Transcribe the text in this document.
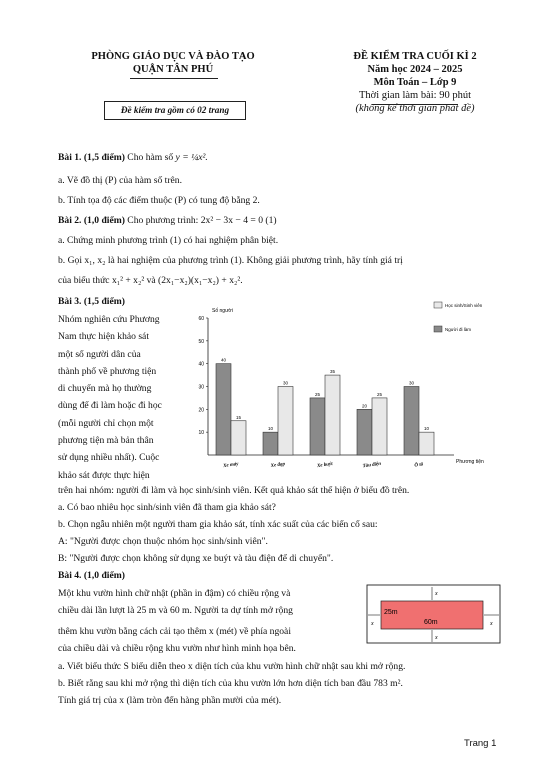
PHÒNG GIÁO DỤC VÀ ĐÀO TẠO
QUẬN TÂN PHÚ
ĐỀ KIỂM TRA CUỐI KÌ 2
Năm học 2024 – 2025
Môn Toán – Lớp 9
Thời gian làm bài: 90 phút
(không kể thời gian phát đề)
Đề kiểm tra gồm có 02 trang
Bài 1. (1,5 điểm) Cho hàm số y = ¼x².
a. Vẽ đồ thị (P) của hàm số trên.
b. Tính tọa độ các điểm thuộc (P) có tung độ bằng 2.
Bài 2. (1,0 điểm) Cho phương trình: 2x² − 3x − 4 = 0 (1)
a. Chứng minh phương trình (1) có hai nghiệm phân biệt.
b. Gọi x₁, x₂ là hai nghiệm của phương trình (1). Không giải phương trình, hãy tính giá trị
của biểu thức x₁² + x₂² và (2x₁−x₂)(x₁−x₂) + x₂².
Bài 3. (1,5 điểm)
Nhóm nghiên cứu Phương
Nam thực hiện khảo sát
một số người dân của
thành phố về phương tiện
di chuyển mà họ thường
dùng để đi làm hoặc đi học
(mỗi người chỉ chọn một
phương tiện mà bản thân
sử dụng nhiều nhất). Cuộc
khảo sát được thực hiện
Số người
Phương tiện
10
20
30
40
50
60
40
15
10
30
25
35
20
25
30
10
Xe máy	Xe đạp	Xe buýt	Tàu điện	Ô tô
Học sinh/Sinh viên
Người đi làm
trên hai nhóm: người đi làm và học sinh/sinh viên. Kết quả khảo sát thể hiện ở biểu đồ trên.
a. Có bao nhiêu học sinh/sinh viên đã tham gia khảo sát?
b. Chọn ngẫu nhiên một người tham gia khảo sát, tính xác suất của các biến cố sau:
A: "Người được chọn thuộc nhóm học sinh/sinh viên".
B: "Người được chọn không sử dụng xe buýt và tàu điện để di chuyển".
Bài 4. (1,0 điểm)
Một khu vườn hình chữ nhật (phần in đậm) có chiều rộng và
chiều dài lần lượt là 25 m và 60 m. Người ta dự tính mở rộng
thêm khu vườn bằng cách cải tạo thêm x (mét) về phía ngoài
của chiều dài và chiều rộng khu vườn như hình minh họa bên.
25m
60m
x
x
x	x
a. Viết biểu thức S biểu diễn theo x diện tích của khu vườn hình chữ nhật sau khi mở rộng.
b. Biết rằng sau khi mở rộng thì diện tích của khu vườn lớn hơn diện tích ban đầu 783 m².
Tính giá trị của x (làm tròn đến hàng phần mười của mét).
Trang 1
